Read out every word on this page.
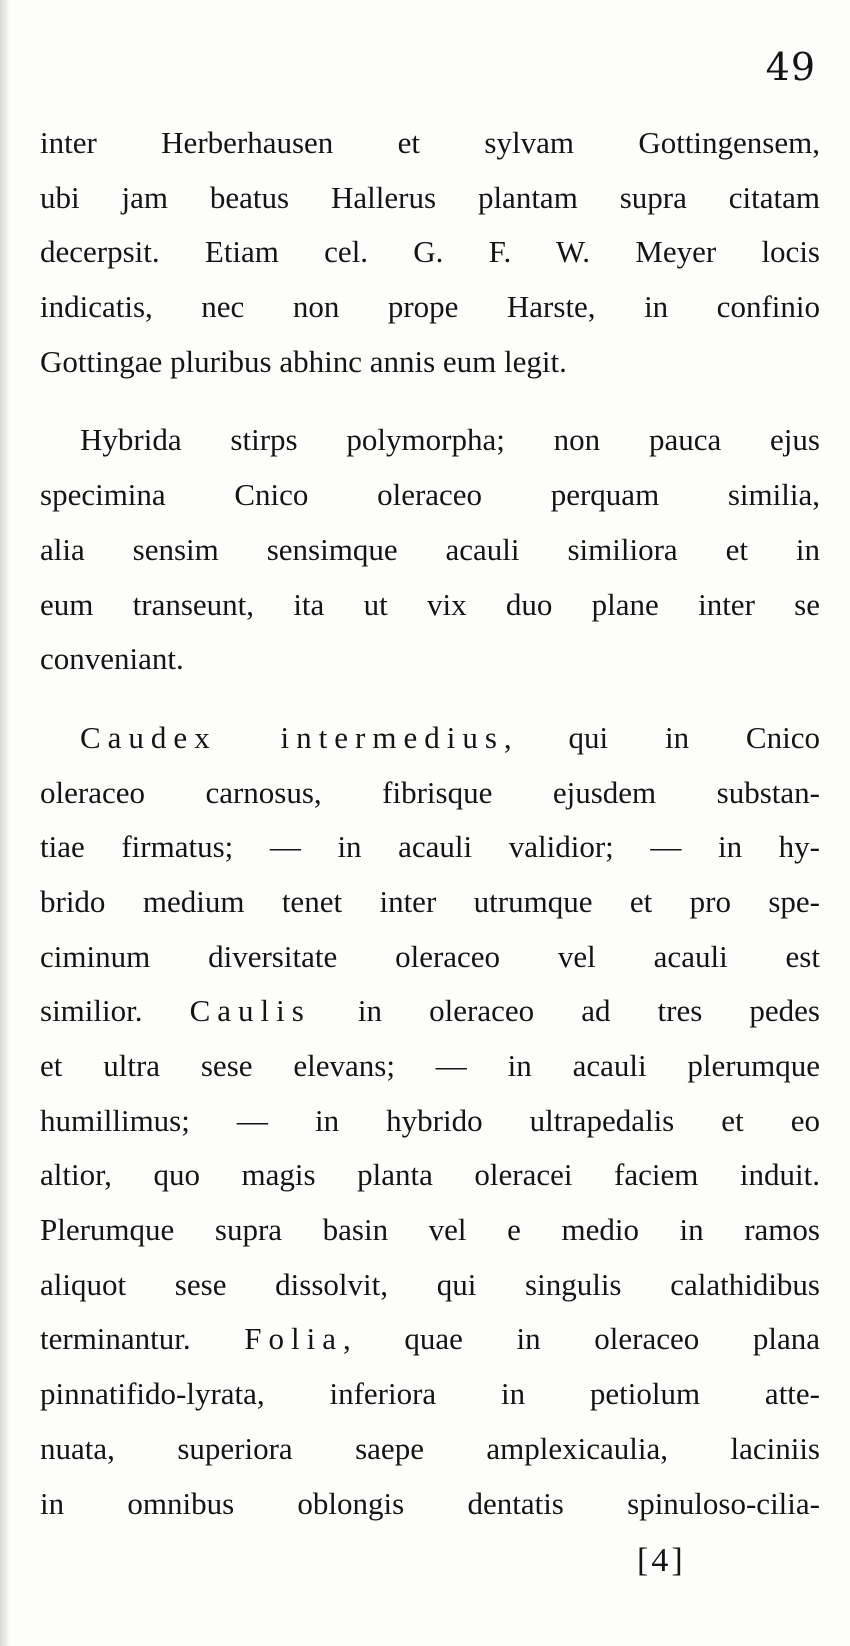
49
inter Herberhausen et sylvam Gottingensem,
ubi jam beatus Hallerus plantam supra citatam
decerpsit. Etiam cel. G. F. W. Meyer locis
indicatis, nec non prope Harste, in confinio
Gottingae pluribus abhinc annis eum legit.
Hybrida stirps polymorpha; non pauca ejus
specimina Cnico oleraceo perquam similia,
alia sensim sensimque acauli similiora et in
eum transeunt, ita ut vix duo plane inter se
conveniant.
Caudex intermedius, qui in Cnico
oleraceo carnosus, fibrisque ejusdem substan-
tiae firmatus; — in acauli validior; — in hy-
brido medium tenet inter utrumque et pro spe-
ciminum diversitate oleraceo vel acauli est
similior. Caulis in oleraceo ad tres pedes
et ultra sese elevans; — in acauli plerumque
humillimus; — in hybrido ultrapedalis et eo
altior, quo magis planta oleracei faciem induit.
Plerumque supra basin vel e medio in ramos
aliquot sese dissolvit, qui singulis calathidibus
terminantur. Folia, quae in oleraceo plana
pinnatifido-lyrata, inferiora in petiolum atte-
nuata, superiora saepe amplexicaulia, laciniis
in omnibus oblongis dentatis spinuloso-cilia-
[4]
